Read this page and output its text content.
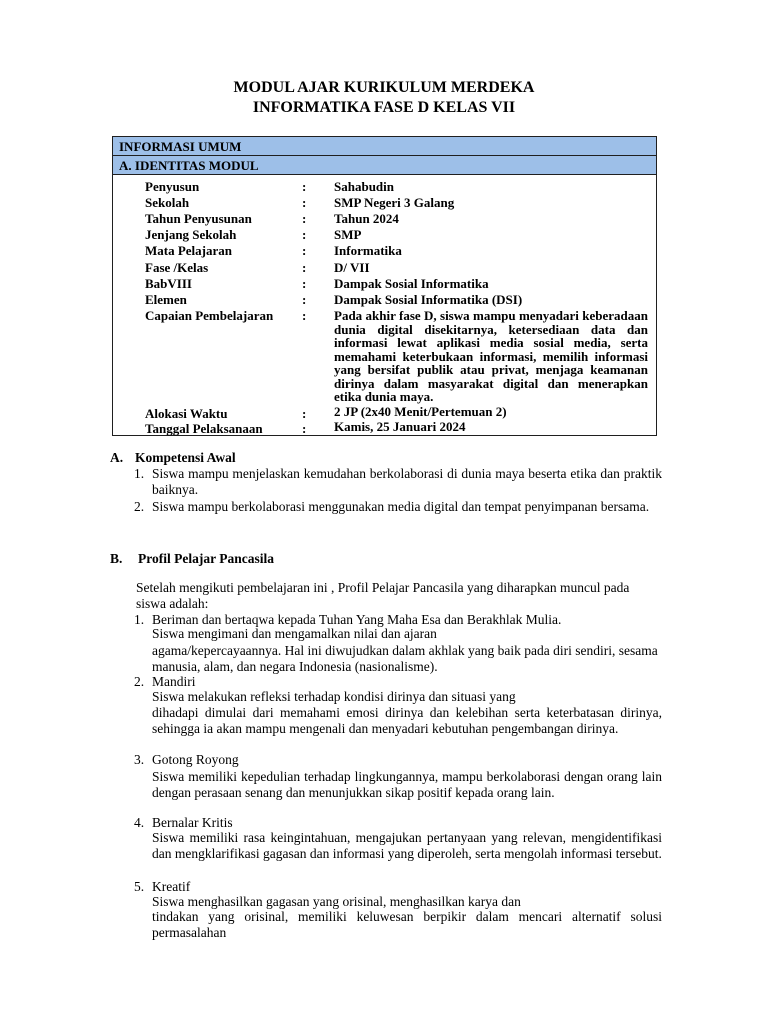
MODUL AJAR KURIKULUM MERDEKA
INFORMATIKA FASE D KELAS VII
INFORMASI UMUM
A. IDENTITAS MODUL
Penyusun	: Sahabudin
Sekolah	: SMP Negeri 3 Galang
Tahun Penyusunan	: Tahun 2024
Jenjang Sekolah	: SMP
Mata Pelajaran	: Informatika
Fase /Kelas	: D/ VII
BabVIII	: Dampak Sosial Informatika
Elemen	: Dampak Sosial Informatika (DSI)
Capaian Pembelajaran : Pada akhir fase D, siswa mampu menyadari keberadaan dunia digital disekitarnya, ketersediaan data dan informasi lewat aplikasi media sosial media, serta memahami keterbukaan informasi, memilih informasi yang bersifat publik atau privat, menjaga keamanan dirinya dalam masyarakat digital dan menerapkan etika dunia maya.
Alokasi Waktu	: 2 JP (2x40 Menit/Pertemuan 2)
Tanggal Pelaksanaan	: Kamis, 25 Januari 2024
A. Kompetensi Awal
1. Siswa mampu menjelaskan kemudahan berkolaborasi di dunia maya beserta etika dan praktik baiknya.
2. Siswa mampu berkolaborasi menggunakan media digital dan tempat penyimpanan bersama.
B. Profil Pelajar Pancasila
Setelah mengikuti pembelajaran ini , Profil Pelajar Pancasila yang diharapkan muncul pada siswa adalah:
1. Beriman dan bertaqwa kepada Tuhan Yang Maha Esa dan Berakhlak Mulia.
Siswa mengimani dan mengamalkan nilai dan ajaran
agama/kepercayaannya. Hal ini diwujudkan dalam akhlak yang baik pada diri sendiri, sesama manusia, alam, dan negara Indonesia (nasionalisme).
2. Mandiri
Siswa melakukan refleksi terhadap kondisi dirinya dan situasi yang
dihadapi dimulai dari memahami emosi dirinya dan kelebihan serta keterbatasan dirinya, sehingga ia akan mampu mengenali dan menyadari kebutuhan pengembangan dirinya.
3. Gotong Royong
Siswa memiliki kepedulian terhadap lingkungannya, mampu berkolaborasi dengan orang lain dengan perasaan senang dan menunjukkan sikap positif kepada orang lain.
4. Bernalar Kritis
Siswa memiliki rasa keingintahuan, mengajukan pertanyaan yang relevan, mengidentifikasi dan mengklarifikasi gagasan dan informasi yang diperoleh, serta mengolah informasi tersebut.
5. Kreatif
Siswa menghasilkan gagasan yang orisinal, menghasilkan karya dan
tindakan yang orisinal, memiliki keluwesan berpikir dalam mencari alternatif solusi permasalahan
